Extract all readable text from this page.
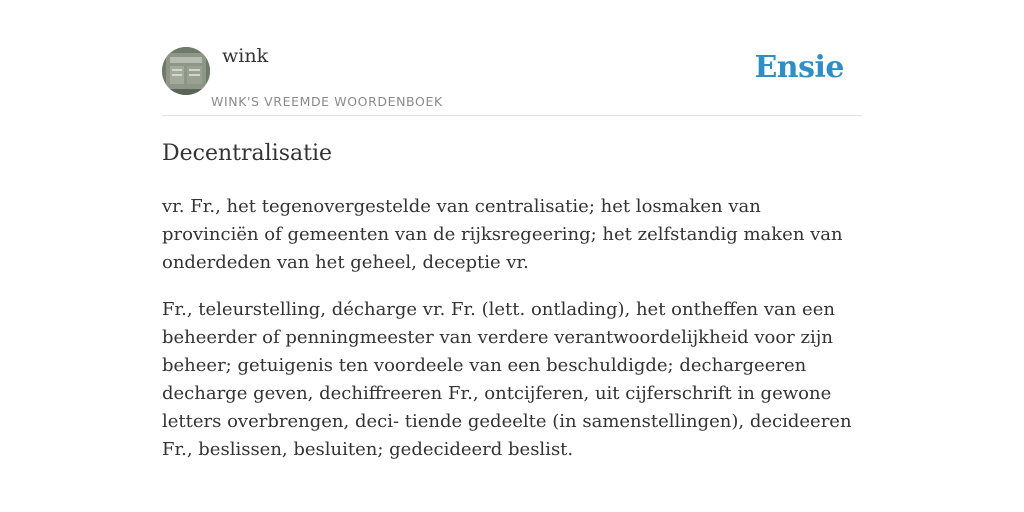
wink
WINK'S VREEMDE WOORDENBOEK
Ensie
Decentralisatie

vr. Fr., het tegenovergestelde van centralisatie; het losmaken van provinciën of gemeenten van de rijksregeering; het zelfstandig maken van onderdeden van het geheel, deceptie vr.

Fr., teleurstelling, décharge vr. Fr. (lett. ontlading), het ontheffen van een beheerder of penningmeester van verdere verantwoordelijkheid voor zijn beheer; getuigenis ten voordeele van een beschuldigde; dechargeeren decharge geven, dechiffreeren Fr., ontcijferen, uit cijferschrift in gewone letters overbrengen, deci- tiende gedeelte (in samenstellingen), decideeren Fr., beslissen, besluiten; gedecideerd beslist.
